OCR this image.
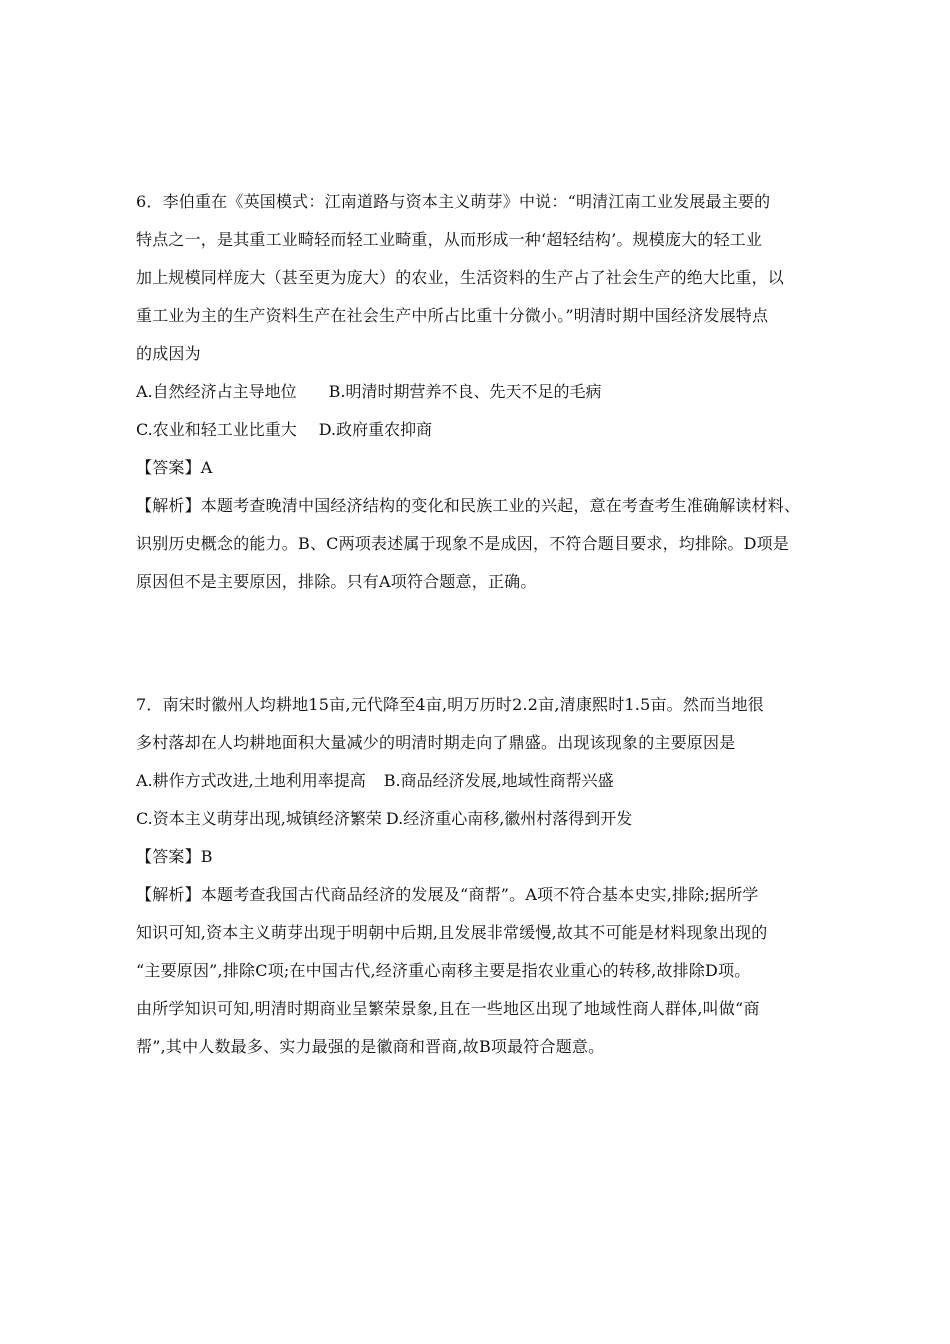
6．李伯重在《英国模式：江南道路与资本主义萌芽》中说：“明清江南工业发展最主要的
特点之一，是其重工业畸轻而轻工业畸重，从而形成一种‘超轻结构’。规模庞大的轻工业
加上规模同样庞大（甚至更为庞大）的农业，生活资料的生产占了社会生产的绝大比重，以
重工业为主的生产资料生产在社会生产中所占比重十分微小。”明清时期中国经济发展特点
的成因为
A.自然经济占主导地位 B.明清时期营养不良、先天不足的毛病
C.农业和轻工业比重大 D.政府重农抑商
【答案】A
【解析】本题考查晚清中国经济结构的变化和民族工业的兴起，意在考查考生准确解读材料、
识别历史概念的能力。B、C两项表述属于现象不是成因，不符合题目要求，均排除。D项是
原因但不是主要原因，排除。只有A项符合题意，正确。
7．南宋时徽州人均耕地15亩,元代降至4亩,明万历时2.2亩,清康熙时1.5亩。然而当地很
多村落却在人均耕地面积大量减少的明清时期走向了鼎盛。出现该现象的主要原因是
A.耕作方式改进,土地利用率提高 B.商品经济发展,地域性商帮兴盛
C.资本主义萌芽出现,城镇经济繁荣 D.经济重心南移,徽州村落得到开发
【答案】B
【解析】本题考查我国古代商品经济的发展及“商帮”。A项不符合基本史实,排除;据所学
知识可知,资本主义萌芽出现于明朝中后期,且发展非常缓慢,故其不可能是材料现象出现的
“主要原因”,排除C项;在中国古代,经济重心南移主要是指农业重心的转移,故排除D项。
由所学知识可知,明清时期商业呈繁荣景象,且在一些地区出现了地域性商人群体,叫做“商
帮”,其中人数最多、实力最强的是徽商和晋商,故B项最符合题意。
